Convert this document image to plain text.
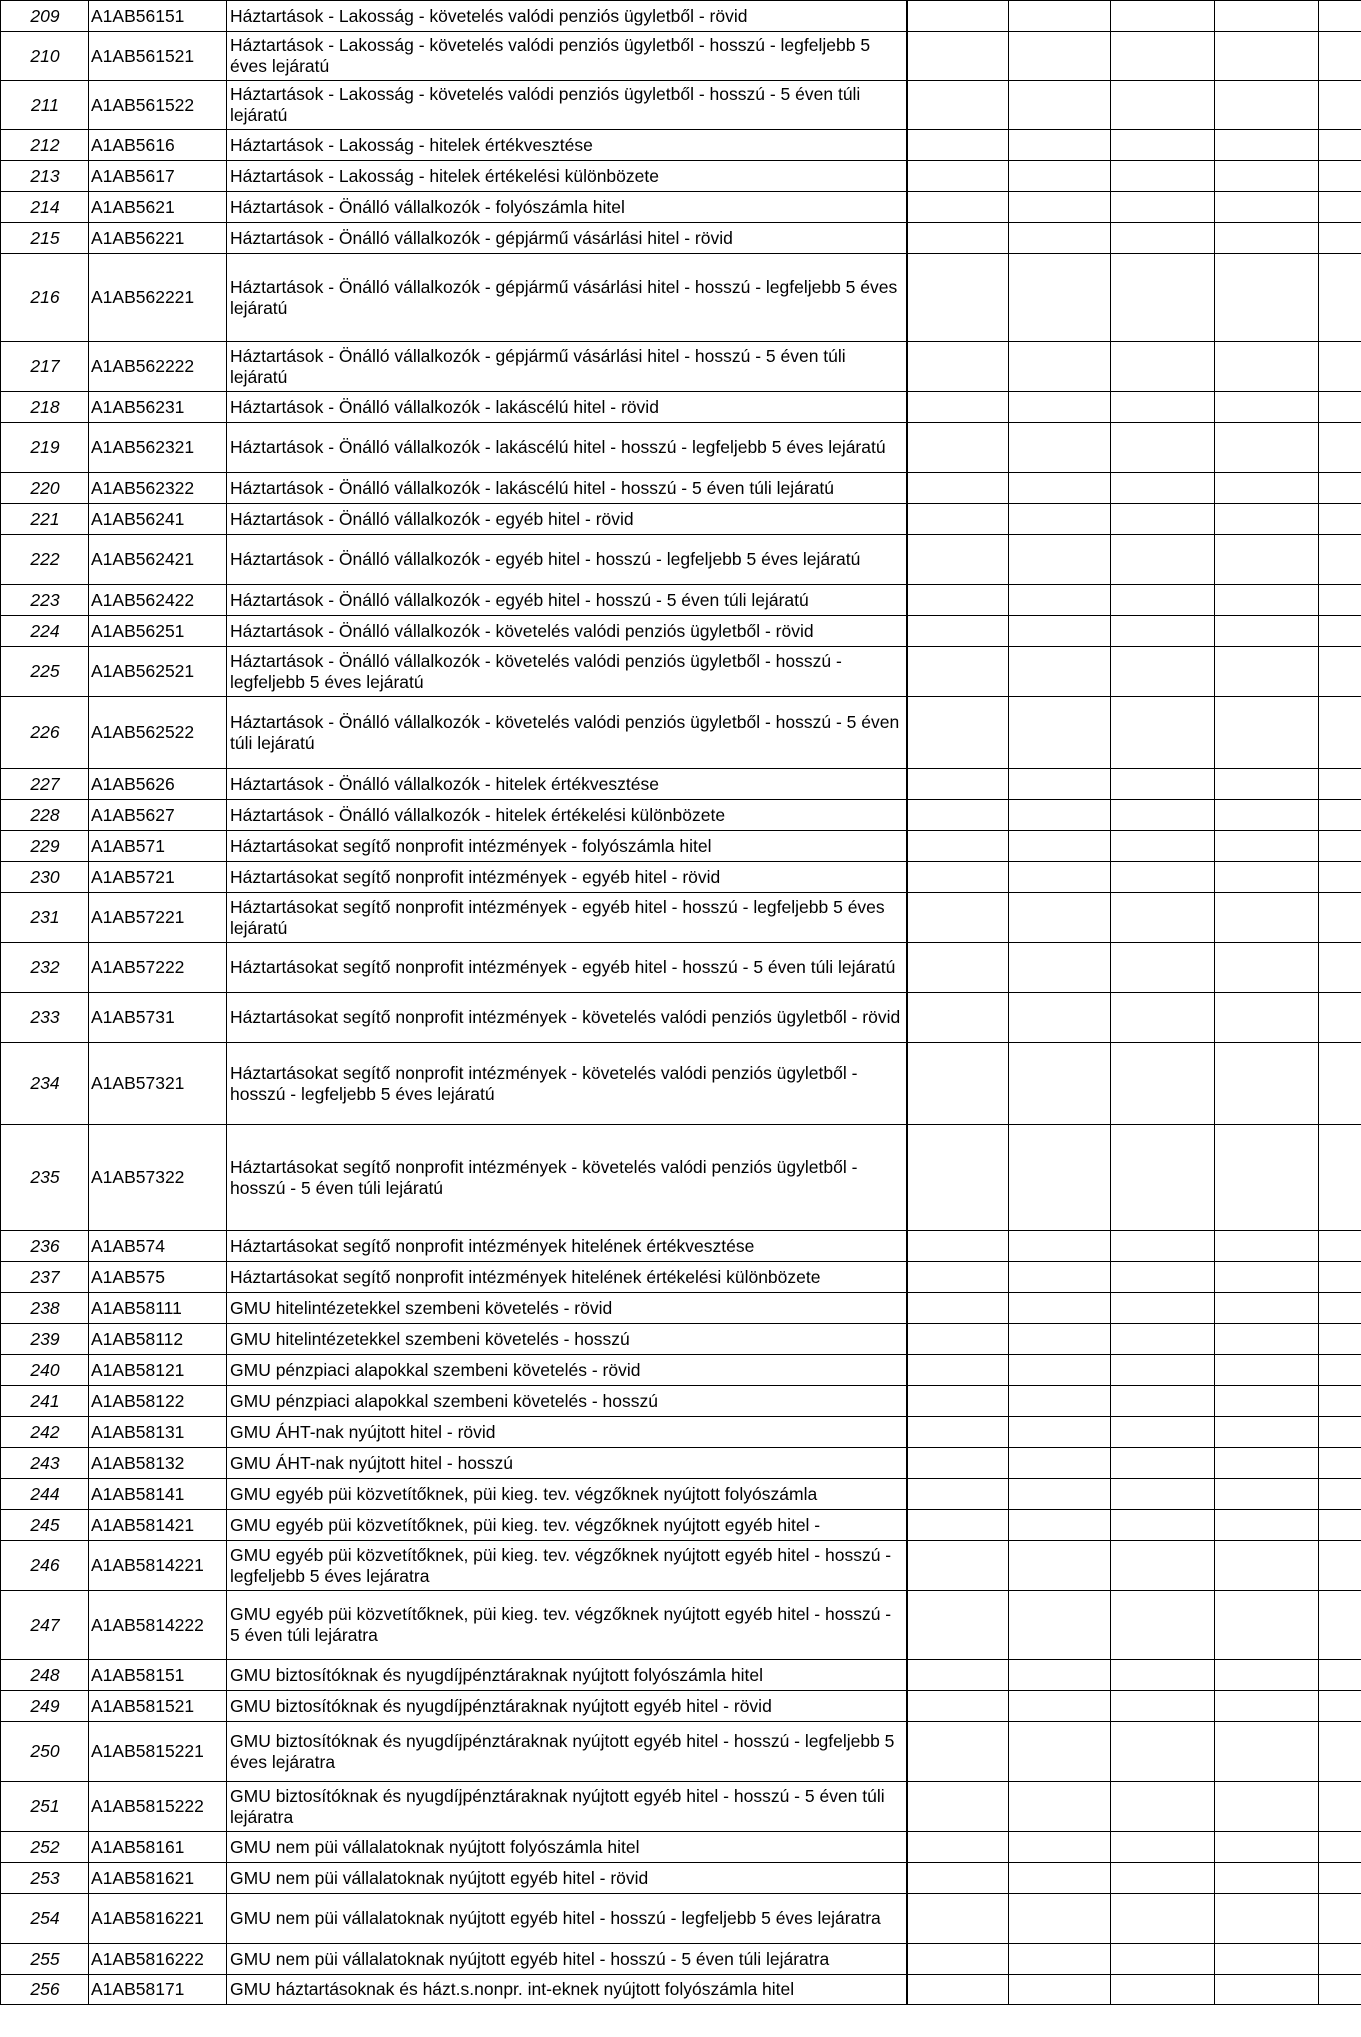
209	A1AB56151	Háztartások - Lakosság - követelés valódi penziós ügyletből - rövid						
210	A1AB561521	Háztartások - Lakosság - követelés valódi penziós ügyletből - hosszú - legfeljebb 5 éves lejáratú						
211	A1AB561522	Háztartások - Lakosság - követelés valódi penziós ügyletből - hosszú - 5 éven túli lejáratú						
212	A1AB5616	Háztartások - Lakosság - hitelek értékvesztése						
213	A1AB5617	Háztartások - Lakosság - hitelek értékelési különbözete						
214	A1AB5621	Háztartások - Önálló vállalkozók - folyószámla hitel						
215	A1AB56221	Háztartások - Önálló vállalkozók - gépjármű vásárlási hitel - rövid						
216	A1AB562221	Háztartások - Önálló vállalkozók - gépjármű vásárlási hitel - hosszú - legfeljebb 5 éves lejáratú						
217	A1AB562222	Háztartások - Önálló vállalkozók - gépjármű vásárlási hitel - hosszú - 5 éven túli lejáratú						
218	A1AB56231	Háztartások - Önálló vállalkozók - lakáscélú hitel - rövid						
219	A1AB562321	Háztartások - Önálló vállalkozók - lakáscélú hitel - hosszú - legfeljebb 5 éves lejáratú						
220	A1AB562322	Háztartások - Önálló vállalkozók - lakáscélú hitel - hosszú - 5 éven túli lejáratú						
221	A1AB56241	Háztartások - Önálló vállalkozók - egyéb hitel - rövid						
222	A1AB562421	Háztartások - Önálló vállalkozók - egyéb hitel - hosszú - legfeljebb 5 éves lejáratú						
223	A1AB562422	Háztartások - Önálló vállalkozók - egyéb hitel - hosszú - 5 éven túli lejáratú						
224	A1AB56251	Háztartások - Önálló vállalkozók - követelés valódi penziós ügyletből - rövid						
225	A1AB562521	Háztartások - Önálló vállalkozók - követelés valódi penziós ügyletből - hosszú - legfeljebb 5 éves lejáratú						
226	A1AB562522	Háztartások - Önálló vállalkozók - követelés valódi penziós ügyletből - hosszú - 5 éven túli lejáratú						
227	A1AB5626	Háztartások - Önálló vállalkozók - hitelek értékvesztése						
228	A1AB5627	Háztartások - Önálló vállalkozók - hitelek értékelési különbözete						
229	A1AB571	Háztartásokat segítő nonprofit intézmények - folyószámla hitel						
230	A1AB5721	Háztartásokat segítő nonprofit intézmények - egyéb hitel - rövid						
231	A1AB57221	Háztartásokat segítő nonprofit intézmények - egyéb hitel - hosszú - legfeljebb 5 éves lejáratú						
232	A1AB57222	Háztartásokat segítő nonprofit intézmények - egyéb hitel - hosszú - 5 éven túli lejáratú						
233	A1AB5731	Háztartásokat segítő nonprofit intézmények - követelés valódi penziós ügyletből - rövid						
234	A1AB57321	Háztartásokat segítő nonprofit intézmények - követelés valódi penziós ügyletből - hosszú - legfeljebb 5 éves lejáratú						
235	A1AB57322	Háztartásokat segítő nonprofit intézmények - követelés valódi penziós ügyletből - hosszú - 5 éven túli lejáratú						
236	A1AB574	Háztartásokat segítő nonprofit intézmények hitelének értékvesztése						
237	A1AB575	Háztartásokat segítő nonprofit intézmények hitelének értékelési különbözete						
238	A1AB58111	GMU hitelintézetekkel szembeni követelés - rövid						
239	A1AB58112	GMU hitelintézetekkel szembeni követelés - hosszú						
240	A1AB58121	GMU pénzpiaci alapokkal szembeni követelés - rövid						
241	A1AB58122	GMU pénzpiaci alapokkal szembeni követelés - hosszú						
242	A1AB58131	GMU ÁHT-nak nyújtott hitel - rövid						
243	A1AB58132	GMU ÁHT-nak nyújtott hitel - hosszú						
244	A1AB58141	GMU egyéb püi közvetítőknek, püi kieg. tev. végzőknek nyújtott folyószámla						
245	A1AB581421	GMU egyéb püi közvetítőknek, püi kieg. tev. végzőknek nyújtott egyéb hitel -						
246	A1AB5814221	GMU egyéb püi közvetítőknek, püi kieg. tev. végzőknek nyújtott egyéb hitel - hosszú - legfeljebb 5 éves lejáratra						
247	A1AB5814222	GMU egyéb püi közvetítőknek, püi kieg. tev. végzőknek nyújtott egyéb hitel - hosszú - 5 éven túli lejáratra						
248	A1AB58151	GMU biztosítóknak és nyugdíjpénztáraknak nyújtott folyószámla hitel						
249	A1AB581521	GMU biztosítóknak és nyugdíjpénztáraknak nyújtott egyéb hitel - rövid						
250	A1AB5815221	GMU biztosítóknak és nyugdíjpénztáraknak nyújtott egyéb hitel - hosszú - legfeljebb 5 éves lejáratra						
251	A1AB5815222	GMU biztosítóknak és nyugdíjpénztáraknak nyújtott egyéb hitel - hosszú - 5 éven túli lejáratra						
252	A1AB58161	GMU nem püi vállalatoknak nyújtott folyószámla hitel						
253	A1AB581621	GMU nem püi vállalatoknak nyújtott egyéb hitel - rövid						
254	A1AB5816221	GMU nem püi vállalatoknak nyújtott egyéb hitel - hosszú - legfeljebb 5 éves lejáratra						
255	A1AB5816222	GMU nem püi vállalatoknak nyújtott egyéb hitel - hosszú - 5 éven túli lejáratra						
256	A1AB58171	GMU háztartásoknak és házt.s.nonpr. int-eknek nyújtott folyószámla hitel						
